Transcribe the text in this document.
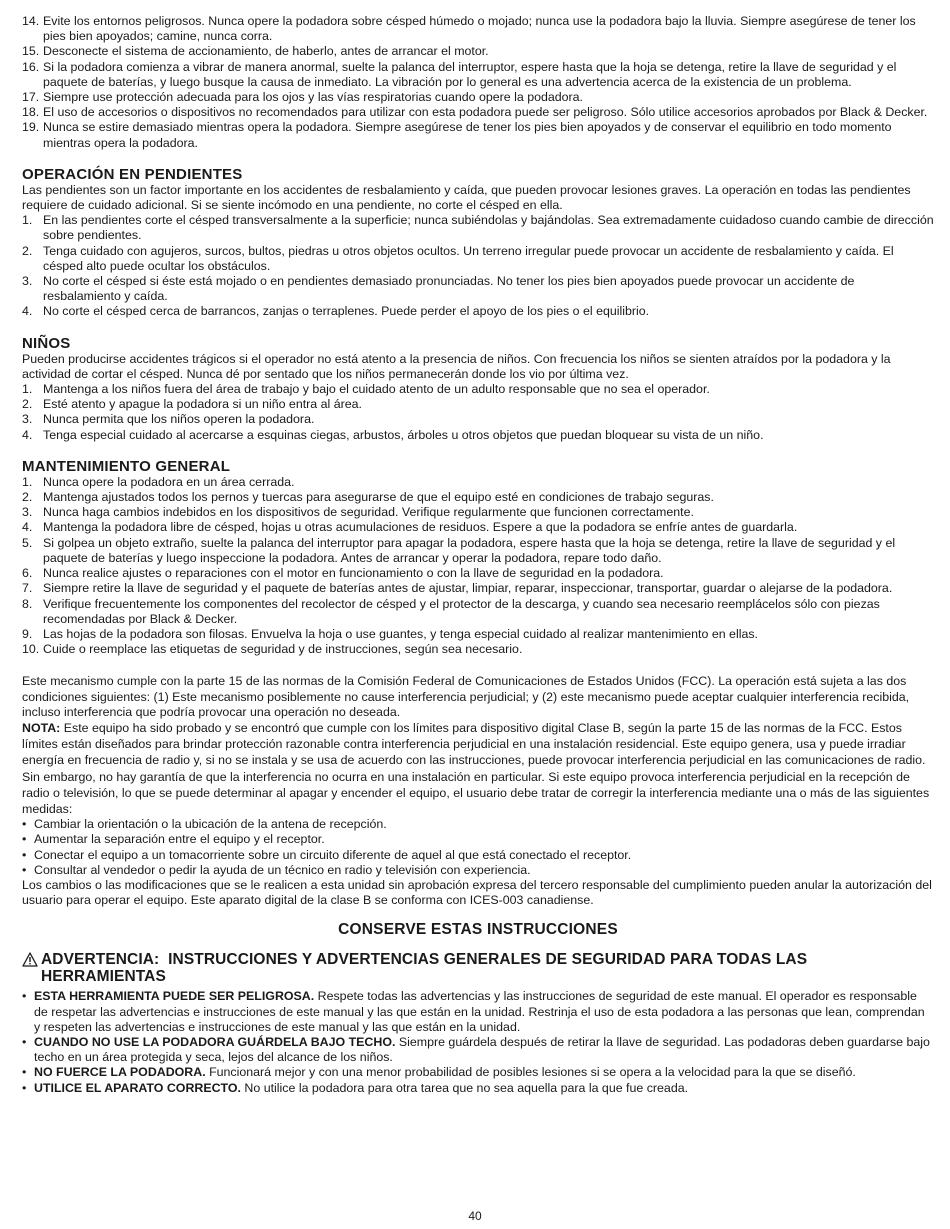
14. Evite los entornos peligrosos. Nunca opere la podadora sobre césped húmedo o mojado; nunca use la podadora bajo la lluvia. Siempre asegúrese de tener los pies bien apoyados; camine, nunca corra.
15. Desconecte el sistema de accionamiento, de haberlo, antes de arrancar el motor.
16. Si la podadora comienza a vibrar de manera anormal, suelte la palanca del interruptor, espere hasta que la hoja se detenga, retire la llave de seguridad y el paquete de baterías, y luego busque la causa de inmediato. La vibración por lo general es una advertencia acerca de la existencia de un problema.
17. Siempre use protección adecuada para los ojos y las vías respiratorias cuando opere la podadora.
18. El uso de accesorios o dispositivos no recomendados para utilizar con esta podadora puede ser peligroso. Sólo utilice accesorios aprobados por Black & Decker.
19. Nunca se estire demasiado mientras opera la podadora. Siempre asegúrese de tener los pies bien apoyados y de conservar el equilibrio en todo momento mientras opera la podadora.
OPERACIÓN EN PENDIENTES

Las pendientes son un factor importante en los accidentes de resbalamiento y caída, que pueden provocar lesiones graves. La operación en todas las pendientes requiere de cuidado adicional. Si se siente incómodo en una pendiente, no corte el césped en ella.

1. En las pendientes corte el césped transversalmente a la superficie; nunca subiéndolas y bajándolas. Sea extremadamente cuidadoso cuando cambie de dirección sobre pendientes.
2. Tenga cuidado con agujeros, surcos, bultos, piedras u otros objetos ocultos. Un terreno irregular puede provocar un accidente de resbalamiento y caída. El césped alto puede ocultar los obstáculos.
3. No corte el césped si éste está mojado o en pendientes demasiado pronunciadas. No tener los pies bien apoyados puede provocar un accidente de resbalamiento y caída.
4. No corte el césped cerca de barrancos, zanjas o terraplenes. Puede perder el apoyo de los pies o el equilibrio.
NIÑOS

Pueden producirse accidentes trágicos si el operador no está atento a la presencia de niños. Con frecuencia los niños se sienten atraídos por la podadora y la actividad de cortar el césped. Nunca dé por sentado que los niños permanecerán donde los vio por última vez.

1. Mantenga a los niños fuera del área de trabajo y bajo el cuidado atento de un adulto responsable que no sea el operador.
2. Esté atento y apague la podadora si un niño entra al área.
3. Nunca permita que los niños operen la podadora.
4. Tenga especial cuidado al acercarse a esquinas ciegas, arbustos, árboles u otros objetos que puedan bloquear su vista de un niño.
MANTENIMIENTO GENERAL
1. Nunca opere la podadora en un área cerrada.
2. Mantenga ajustados todos los pernos y tuercas para asegurarse de que el equipo esté en condiciones de trabajo seguras.
3. Nunca haga cambios indebidos en los dispositivos de seguridad. Verifique regularmente que funcionen correctamente.
4. Mantenga la podadora libre de césped, hojas u otras acumulaciones de residuos. Espere a que la podadora se enfríe antes de guardarla.
5. Si golpea un objeto extraño, suelte la palanca del interruptor para apagar la podadora, espere hasta que la hoja se detenga, retire la llave de seguridad y el paquete de baterías y luego inspeccione la podadora. Antes de arrancar y operar la podadora, repare todo daño.
6. Nunca realice ajustes o reparaciones con el motor en funcionamiento o con la llave de seguridad en la podadora.
7. Siempre retire la llave de seguridad y el paquete de baterías antes de ajustar, limpiar, reparar, inspeccionar, transportar, guardar o alejarse de la podadora.
8. Verifique frecuentemente los componentes del recolector de césped y el protector de la descarga, y cuando sea necesario reemplácelos sólo con piezas recomendadas por Black & Decker.
9. Las hojas de la podadora son filosas. Envuelva la hoja o use guantes, y tenga especial cuidado al realizar mantenimiento en ellas.
10. Cuide o reemplace las etiquetas de seguridad y de instrucciones, según sea necesario.

Este mecanismo cumple con la parte 15 de las normas de la Comisión Federal de Comunicaciones de Estados Unidos (FCC). La operación está sujeta a las dos condiciones siguientes: (1) Este mecanismo posiblemente no cause interferencia perjudicial; y (2) este mecanismo puede aceptar cualquier interferencia recibida, incluso interferencia que podría provocar una operación no deseada.

NOTA: Este equipo ha sido probado y se encontró que cumple con los límites para dispositivo digital Clase B, según la parte 15 de las normas de la FCC. Estos límites están diseñados para brindar protección razonable contra interferencia perjudicial en una instalación residencial. Este equipo genera, usa y puede irradiar energía en frecuencia de radio y, si no se instala y se usa de acuerdo con las instrucciones, puede provocar interferencia perjudicial en las comunicaciones de radio. Sin embargo, no hay garantía de que la interferencia no ocurra en una instalación en particular. Si este equipo provoca interferencia perjudicial en la recepción de radio o televisión, lo que se puede determinar al apagar y encender el equipo, el usuario debe tratar de corregir la interferencia mediante una o más de las siguientes medidas:

• Cambiar la orientación o la ubicación de la antena de recepción.
• Aumentar la separación entre el equipo y el receptor.
• Conectar el equipo a un tomacorriente sobre un circuito diferente de aquel al que está conectado el receptor.
• Consultar al vendedor o pedir la ayuda de un técnico en radio y televisión con experiencia.

Los cambios o las modificaciones que se le realicen a esta unidad sin aprobación expresa del tercero responsable del cumplimiento pueden anular la autorización del usuario para operar el equipo. Este aparato digital de la clase B se conforma con ICES-003 canadiense.

CONSERVE ESTAS INSTRUCCIONES
ADVERTENCIA:  INSTRUCCIONES Y ADVERTENCIAS GENERALES DE SEGURIDAD PARA TODAS LAS HERRAMIENTAS
• ESTA HERRAMIENTA PUEDE SER PELIGROSA. Respete todas las advertencias y las instrucciones de seguridad de este manual. El operador es responsable de respetar las advertencias e instrucciones de este manual y las que están en la unidad. Restrinja el uso de esta podadora a las personas que lean, comprendan y respeten las advertencias e instrucciones de este manual y las que están en la unidad.
• CUANDO NO USE LA PODADORA GUÁRDELA BAJO TECHO. Siempre guárdela después de retirar la llave de seguridad. Las podadoras deben guardarse bajo techo en un área protegida y seca, lejos del alcance de los niños.
• NO FUERCE LA PODADORA. Funcionará mejor y con una menor probabilidad de posibles lesiones si se opera a la velocidad para la que se diseñó.
• UTILICE EL APARATO CORRECTO. No utilice la podadora para otra tarea que no sea aquella para la que fue creada.
40
